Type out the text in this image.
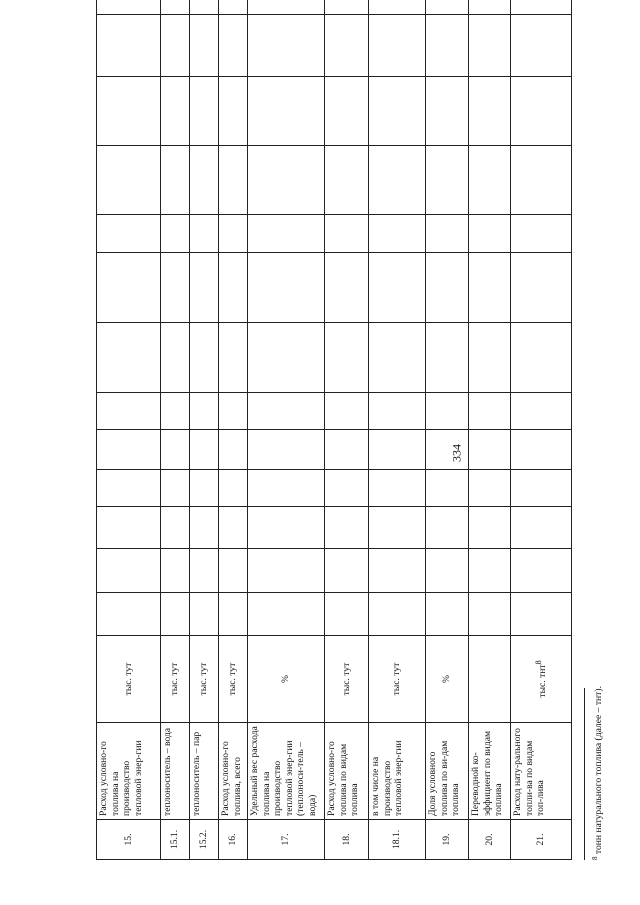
334
15.	Расход условно-го топлива на производство тепловой энер-гии	тыс. тут													
15.1.	теплоноситель – вода	тыс. тут													
15.2.	теплоноситель – пар	тыс. тут													
16.	Расход условно-го топлива, всего	тыс. тут													
17.	Удельный вес расхода топлива на производство тепловой энер-гии (теплоноси-тель – вода)	%													
18.	Расход условно-го топлива по видам топлива	тыс. тут													
18.1.	в том числе на производство тепловой энер-гии	тыс. тут													
19.	Доля условного топлива по ви-дам топлива	%													
20.	Переводной ко-эффициент по видам топлива														
21.	Расход нату-рального топли-ва по видам топ-лива	тыс. тнт$^8$													
$^8$ тонн натурального топлива (далее – тнт).
